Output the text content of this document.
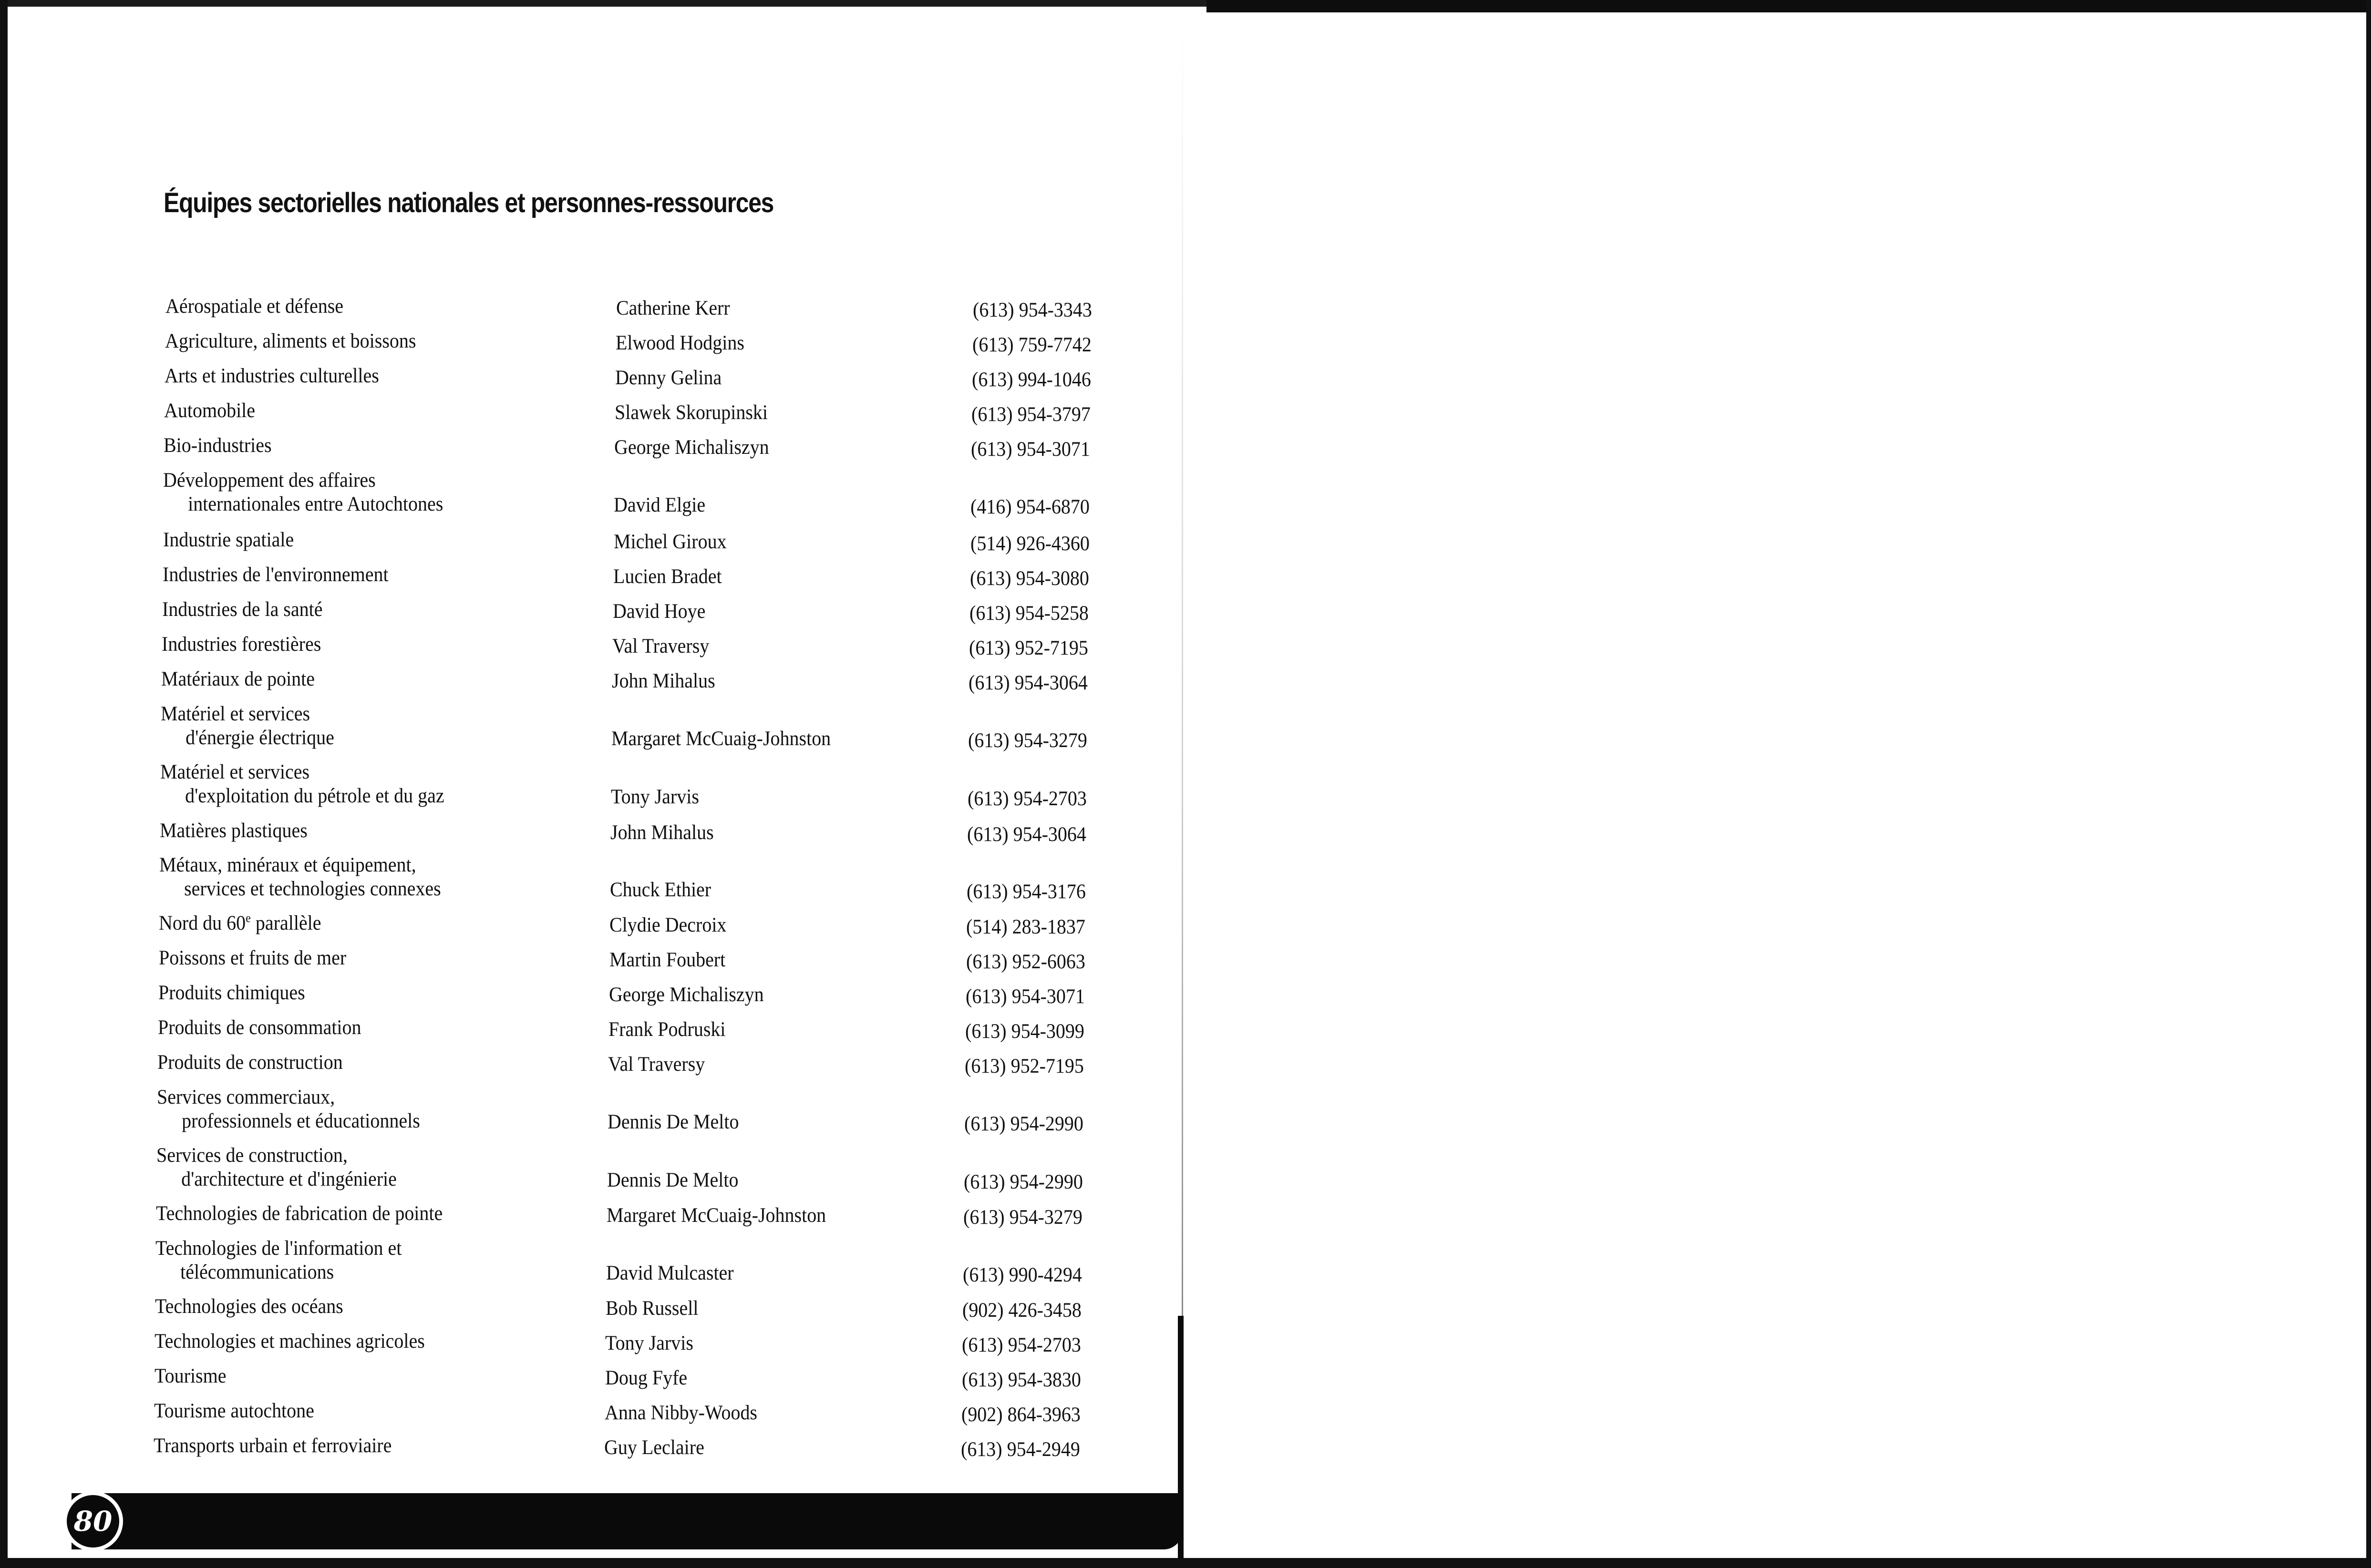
Équipes sectorielles nationales et personnes-ressources
Aérospatiale et défense	Catherine Kerr	(613) 954-3343
Agriculture, aliments et boissons	Elwood Hodgins	(613) 759-7742
Arts et industries culturelles	Denny Gelina	(613) 994-1046
Automobile	Slawek Skorupinski	(613) 954-3797
Bio-industries	George Michaliszyn	(613) 954-3071
Développement des affaires
internationales entre Autochtones	David Elgie	(416) 954-6870
Industrie spatiale	Michel Giroux	(514) 926-4360
Industries de l'environnement	Lucien Bradet	(613) 954-3080
Industries de la santé	David Hoye	(613) 954-5258
Industries forestières	Val Traversy	(613) 952-7195
Matériaux de pointe	John Mihalus	(613) 954-3064
Matériel et services
d'énergie électrique	Margaret McCuaig-Johnston	(613) 954-3279
Matériel et services
d'exploitation du pétrole et du gaz	Tony Jarvis	(613) 954-2703
Matières plastiques	John Mihalus	(613) 954-3064
Métaux, minéraux et équipement,
services et technologies connexes	Chuck Ethier	(613) 954-3176
Nord du 60e parallèle	Clydie Decroix	(514) 283-1837
Poissons et fruits de mer	Martin Foubert	(613) 952-6063
Produits chimiques	George Michaliszyn	(613) 954-3071
Produits de consommation	Frank Podruski	(613) 954-3099
Produits de construction	Val Traversy	(613) 952-7195
Services commerciaux,
professionnels et éducationnels	Dennis De Melto	(613) 954-2990
Services de construction,
d'architecture et d'ingénierie	Dennis De Melto	(613) 954-2990
Technologies de fabrication de pointe	Margaret McCuaig-Johnston	(613) 954-3279
Technologies de l'information et
télécommunications	David Mulcaster	(613) 990-4294
Technologies des océans	Bob Russell	(902) 426-3458
Technologies et machines agricoles	Tony Jarvis	(613) 954-2703
Tourisme	Doug Fyfe	(613) 954-3830
Tourisme autochtone	Anna Nibby-Woods	(902) 864-3963
Transports urbain et ferroviaire	Guy Leclaire	(613) 954-2949
80
